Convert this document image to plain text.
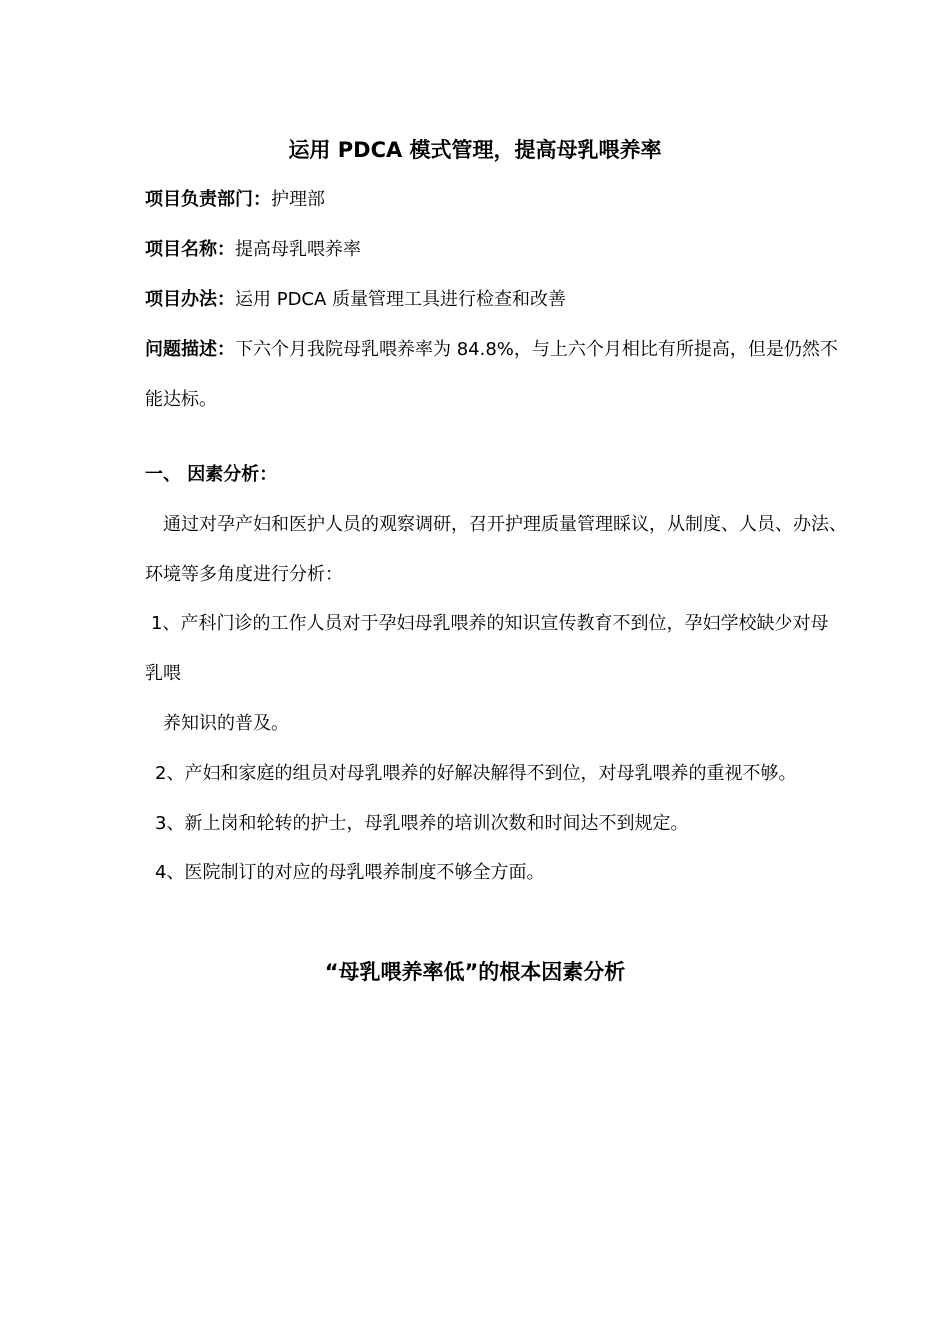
运用 PDCA 模式管理，提高母乳喂养率
项目负责部门：护理部
项目名称：提高母乳喂养率
项目办法：运用 PDCA 质量管理工具进行检查和改善
问题描述：下六个月我院母乳喂养率为 84.8%，与上六个月相比有所提高，但是仍然不
能达标。
一、 因素分析：
通过对孕产妇和医护人员的观察调研，召开护理质量管理睬议，从制度、人员、办法、
环境等多角度进行分析：
1、产科门诊的工作人员对于孕妇母乳喂养的知识宣传教育不到位，孕妇学校缺少对母
乳喂
养知识的普及。
2、产妇和家庭的组员对母乳喂养的好解决解得不到位，对母乳喂养的重视不够。
3、新上岗和轮转的护士，母乳喂养的培训次数和时间达不到规定。
4、医院制订的对应的母乳喂养制度不够全方面。
“母乳喂养率低”的根本因素分析
